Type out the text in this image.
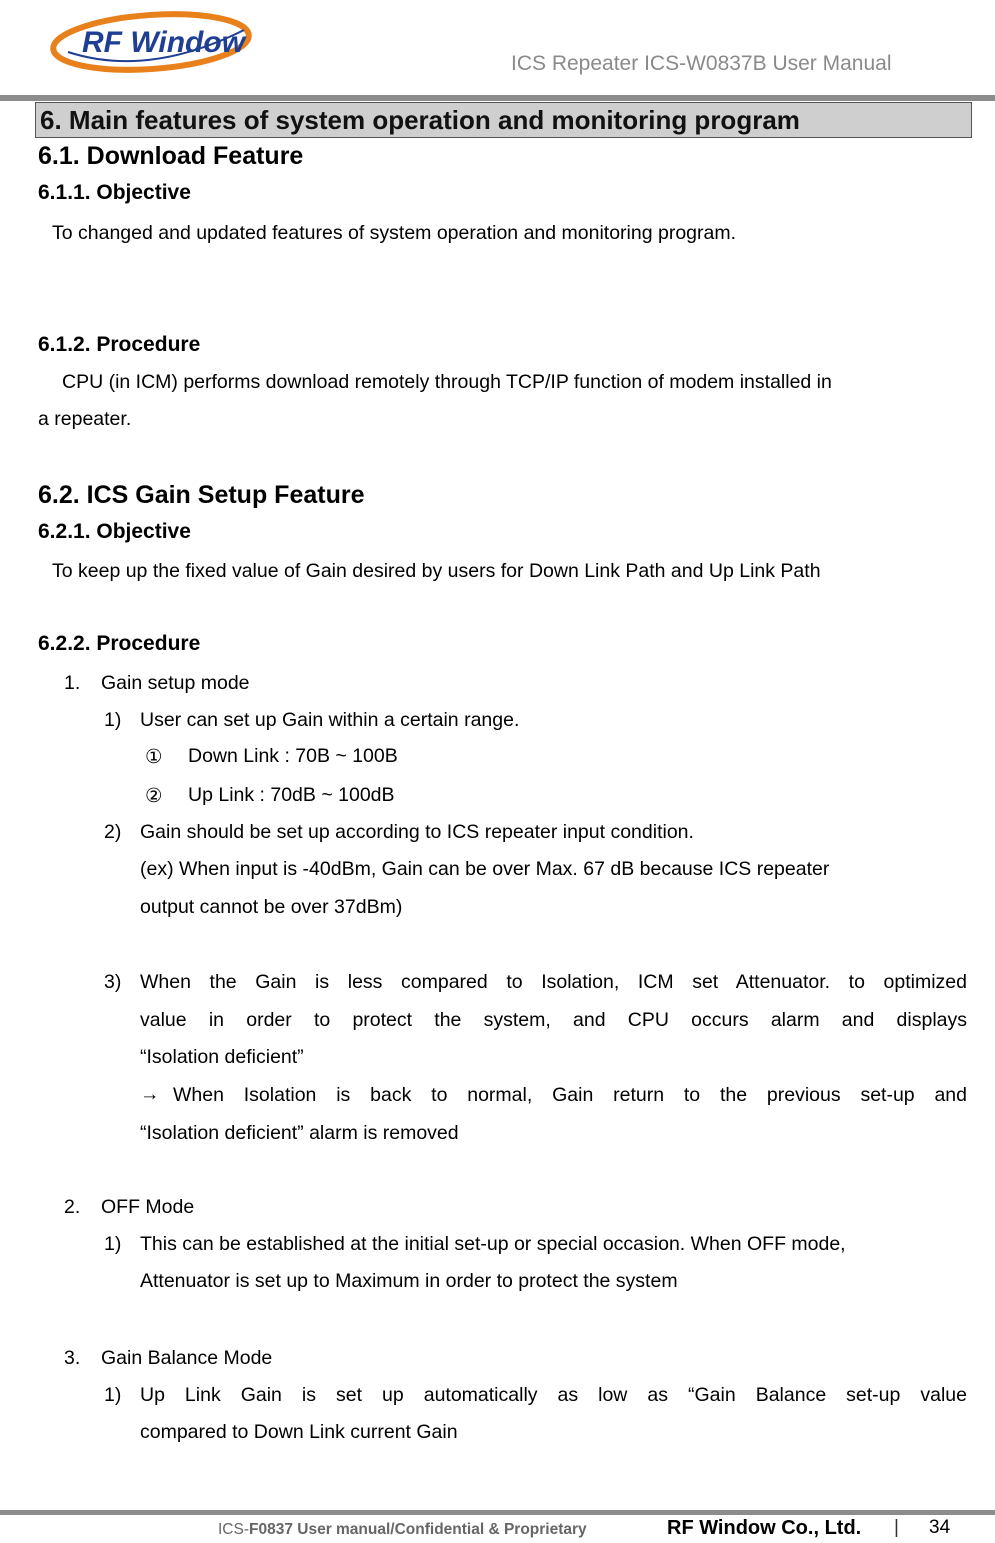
RF Window
ICS Repeater ICS-W0837B User Manual
6. Main features of system operation and monitoring program
6.1. Download Feature
6.1.1. Objective
To changed and updated features of system operation and monitoring program.
6.1.2. Procedure
CPU (in ICM) performs download remotely through TCP/IP function of modem installed in
a repeater.
6.2. ICS Gain Setup Feature
6.2.1. Objective
To keep up the fixed value of Gain desired by users for Down Link Path and Up Link Path
6.2.2. Procedure
1. Gain setup mode
1) User can set up Gain within a certain range.
① Down Link : 70B ~ 100B
② Up Link : 70dB ~ 100dB
2) Gain should be set up according to ICS repeater input condition.
(ex) When input is -40dBm, Gain can be over Max. 67 dB because ICS repeater
output cannot be over 37dBm)
3) When the Gain is less compared to Isolation, ICM set Attenuator. to optimized
value in order to protect the system, and CPU occurs alarm and displays
“Isolation deficient”
→ When Isolation is back to normal, Gain return to the previous set-up and
“Isolation deficient” alarm is removed
2. OFF Mode
1) This can be established at the initial set-up or special occasion. When OFF mode,
Attenuator is set up to Maximum in order to protect the system
3. Gain Balance Mode
1) Up Link Gain is set up automatically as low as “Gain Balance set-up value
compared to Down Link current Gain
ICS-F0837 User manual/Confidential & Proprietary	RF Window Co., Ltd. | 34
